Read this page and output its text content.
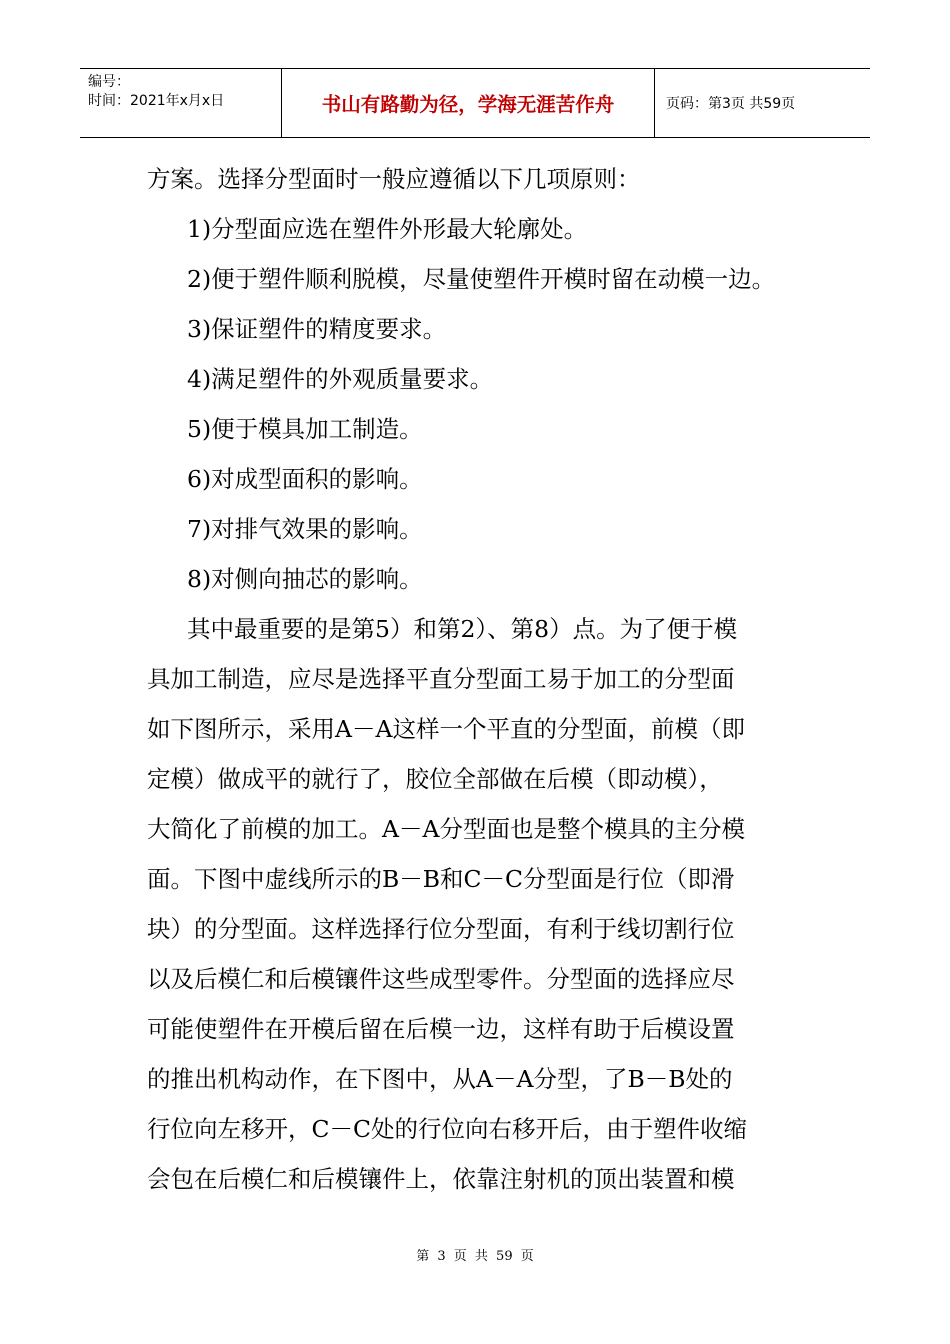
编号：
时间：2021年x月x日	书山有路勤为径，学海无涯苦作舟	页码：第3页 共59页
方案。选择分型面时一般应遵循以下几项原则：
1)分型面应选在塑件外形最大轮廓处。
2)便于塑件顺利脱模，尽量使塑件开模时留在动模一边。
3)保证塑件的精度要求。
4)满足塑件的外观质量要求。
5)便于模具加工制造。
6)对成型面积的影响。
7)对排气效果的影响。
8)对侧向抽芯的影响。
其中最重要的是第5）和第2）、第8）点。为了便于模
具加工制造，应尽是选择平直分型面工易于加工的分型面
如下图所示，采用A－A这样一个平直的分型面，前模（即
定模）做成平的就行了，胶位全部做在后模（即动模），
大简化了前模的加工。A－A分型面也是整个模具的主分模
面。下图中虚线所示的B－B和C－C分型面是行位（即滑
块）的分型面。这样选择行位分型面，有利于线切割行位
以及后模仁和后模镶件这些成型零件。分型面的选择应尽
可能使塑件在开模后留在后模一边，这样有助于后模设置
的推出机构动作，在下图中，从A－A分型，了B－B处的
行位向左移开，C－C处的行位向右移开后，由于塑件收缩
会包在后模仁和后模镶件上，依靠注射机的顶出装置和模
第 3 页 共 59 页
